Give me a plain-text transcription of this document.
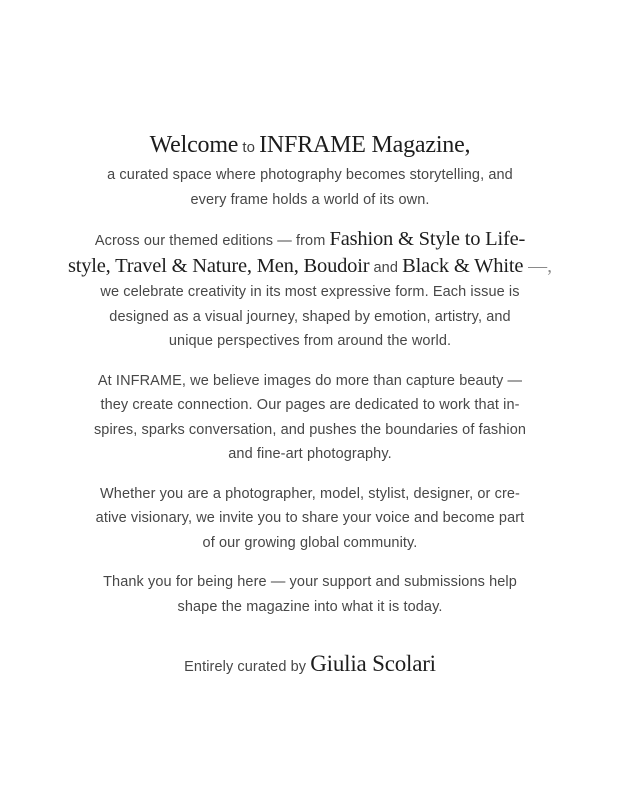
Welcome to INFRAME Magazine,
a curated space where photography becomes storytelling, and
every frame holds a world of its own.
Across our themed editions — from Fashion & Style to Life-
style, Travel & Nature, Men, Boudoir and Black & White —,
we celebrate creativity in its most expressive form. Each issue is
designed as a visual journey, shaped by emotion, artistry, and
unique perspectives from around the world.
At INFRAME, we believe images do more than capture beauty —
they create connection. Our pages are dedicated to work that in-
spires, sparks conversation, and pushes the boundaries of fashion
and fine-art photography.
Whether you are a photographer, model, stylist, designer, or cre-
ative visionary, we invite you to share your voice and become part
of our growing global community.
Thank you for being here — your support and submissions help
shape the magazine into what it is today.
Entirely curated by Giulia Scolari
